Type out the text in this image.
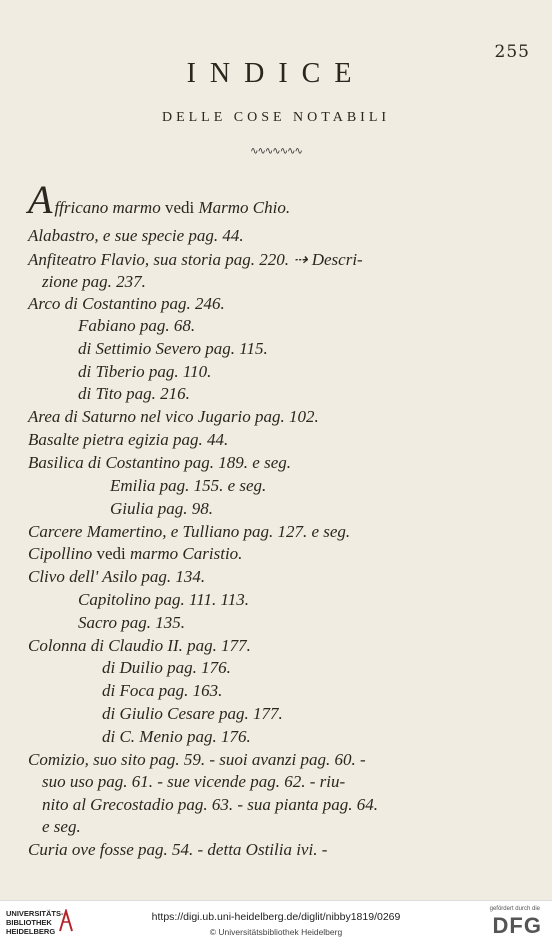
255
INDICE
DELLE COSE NOTABILI
∿∿∿∿∿∿∿
Affricano marmo vedi Marmo Chio.
Alabastro, e sue specie pag. 44.
Anfiteatro Flavio, sua storia pag. 220. ⇢ Descri-
zione pag. 237.
Arco di Costantino pag. 246.
Fabiano pag. 68.
di Settimio Severo pag. 115.
di Tiberio pag. 110.
di Tito pag. 216.
Area di Saturno nel vico Jugario pag. 102.
Basalte pietra egizia pag. 44.
Basilica di Costantino pag. 189. e seg.
Emilia pag. 155. e seg.
Giulia pag. 98.
Carcere Mamertino, e Tulliano pag. 127. e seg.
Cipollino vedi marmo Caristio.
Clivo dell' Asilo pag. 134.
Capitolino pag. 111. 113.
Sacro pag. 135.
Colonna di Claudio II. pag. 177.
di Duilio pag. 176.
di Foca pag. 163.
di Giulio Cesare pag. 177.
di C. Menio pag. 176.
Comizio, suo sito pag. 59. - suoi avanzi pag. 60. -
suo uso pag. 61. - sue vicende pag. 62. - riu-
nito al Grecostadio pag. 63. - sua pianta pag. 64.
e seg.
Curia ove fosse pag. 54. - detta Ostilia ivi. -
UNIVERSITÄTS-
BIBLIOTHEK
HEIDELBERG
https://digi.ub.uni-heidelberg.de/diglit/nibby1819/0269
© Universitätsbibliothek Heidelberg
gefördert durch die
DFG
